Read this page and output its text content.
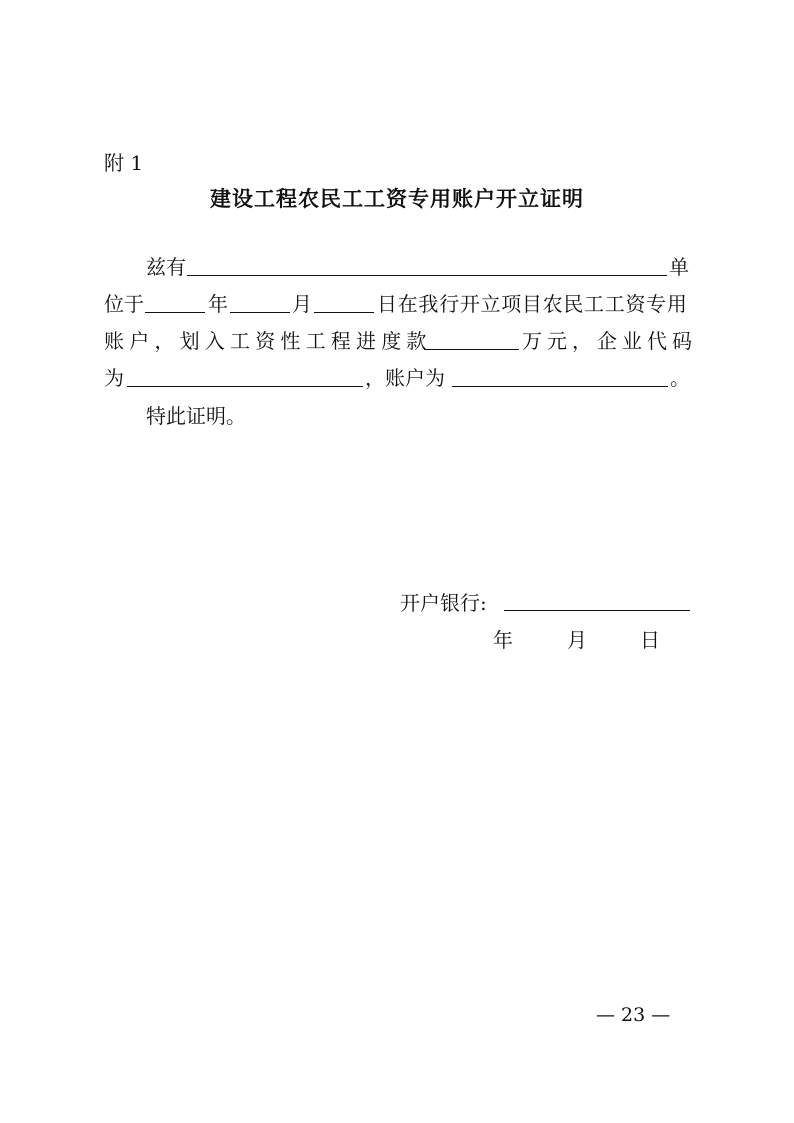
附 1
建设工程农民工工资专用账户开立证明
兹有	单
位于	年	月	日 在 我 行 开 立 项 目 农 民 工 工 资 专 用
账户，划入工资性工程进度款	万元，企业代码
为	，账户为	。
特此证明。
开户银行:
年	月	日
— 23 —
